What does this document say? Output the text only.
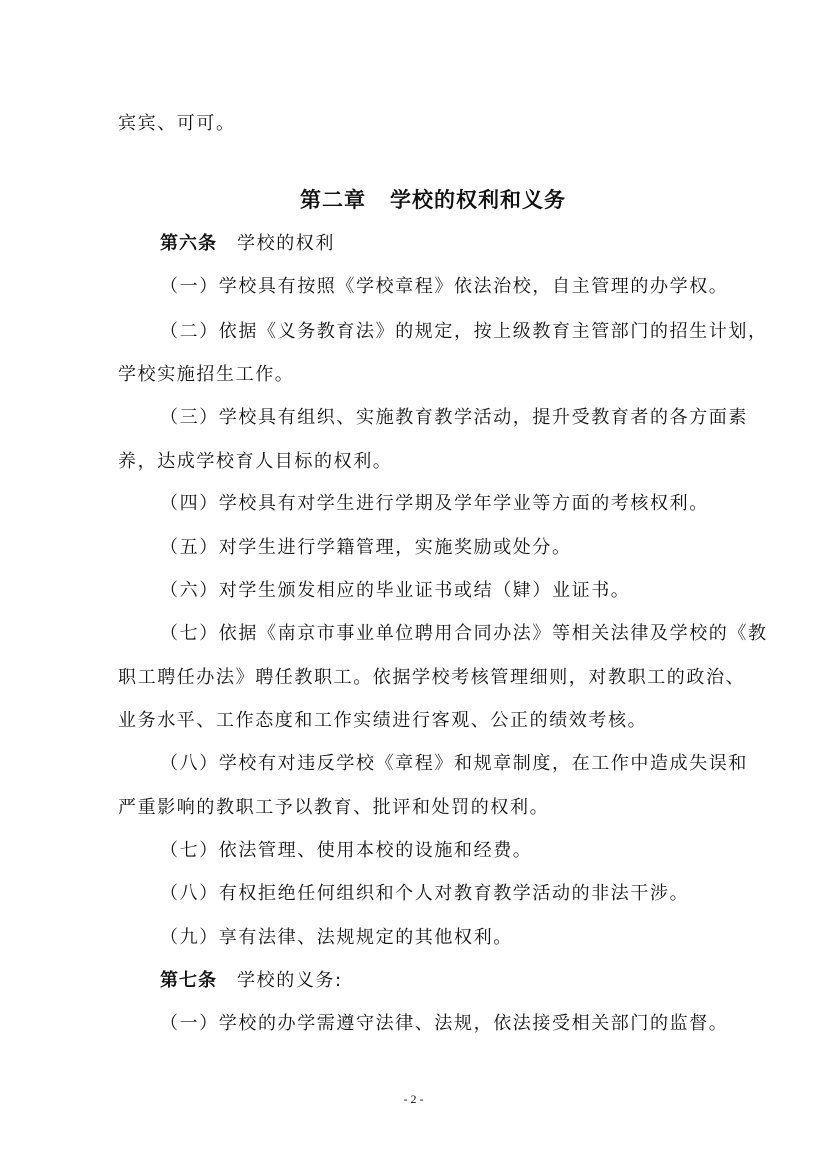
宾宾、可可。

第二章 学校的权利和义务

第六条 学校的权利

（一）学校具有按照《学校章程》依法治校，自主管理的办学权。

（二）依据《义务教育法》的规定，按上级教育主管部门的招生计划，

学校实施招生工作。

（三）学校具有组织、实施教育教学活动，提升受教育者的各方面素

养，达成学校育人目标的权利。

（四）学校具有对学生进行学期及学年学业等方面的考核权利。

（五）对学生进行学籍管理，实施奖励或处分。

（六）对学生颁发相应的毕业证书或结（肄）业证书。

（七）依据《南京市事业单位聘用合同办法》等相关法律及学校的《教

职工聘任办法》聘任教职工。依据学校考核管理细则，对教职工的政治、

业务水平、工作态度和工作实绩进行客观、公正的绩效考核。

（八）学校有对违反学校《章程》和规章制度，在工作中造成失误和

严重影响的教职工予以教育、批评和处罚的权利。

（七）依法管理、使用本校的设施和经费。

（八）有权拒绝任何组织和个人对教育教学活动的非法干涉。

（九）享有法律、法规规定的其他权利。

第七条 学校的义务:

（一）学校的办学需遵守法律、法规，依法接受相关部门的监督。

- 2 -
